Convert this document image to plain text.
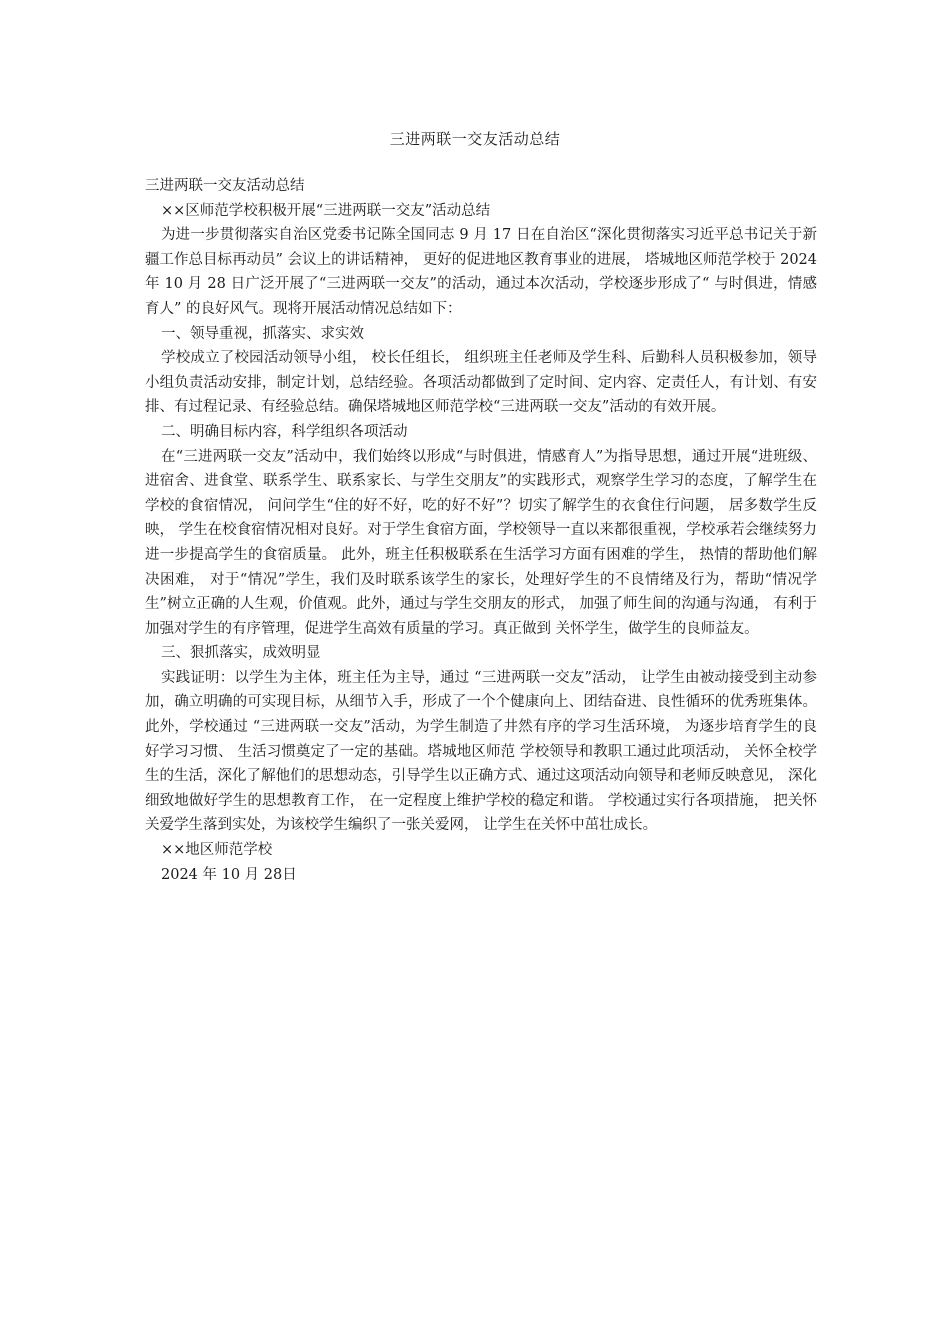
三进两联一交友活动总结

三进两联一交友活动总结

××区师范学校积极开展“三进两联一交友”活动总结

为进一步贯彻落实自治区党委书记陈全国同志 9 月 17 日在自治区“深化贯彻落实习近平总书记关于新疆工作总目标再动员” 会议上的讲话精神， 更好的促进地区教育事业的进展， 塔城地区师范学校于 2024 年 10 月 28 日广泛开展了“三进两联一交友”的活动，通过本次活动，学校逐步形成了“ 与时俱进，情感育人” 的良好风气。现将开展活动情况总结如下：

一、领导重视，抓落实、求实效

学校成立了校园活动领导小组， 校长任组长， 组织班主任老师及学生科、后勤科人员积极参加，领导小组负责活动安排，制定计划，总结经验。各项活动都做到了定时间、定内容、定责任人，有计划、有安排、有过程记录、有经验总结。确保塔城地区师范学校“三进两联一交友”活动的有效开展。

二、明确目标内容，科学组织各项活动

在“三进两联一交友”活动中，我们始终以形成“与时俱进，情感育人”为指导思想，通过开展“进班级、进宿舍、进食堂、联系学生、联系家长、与学生交朋友”的实践形式，观察学生学习的态度，了解学生在学校的食宿情况， 问问学生“住的好不好，吃的好不好”？切实了解学生的衣食住行问题， 居多数学生反映， 学生在校食宿情况相对良好。对于学生食宿方面，学校领导一直以来都很重视，学校承若会继续努力进一步提高学生的食宿质量。 此外，班主任积极联系在生活学习方面有困难的学生， 热情的帮助他们解决困难， 对于“情况”学生，我们及时联系该学生的家长，处理好学生的不良情绪及行为，帮助“情况学生”树立正确的人生观，价值观。此外，通过与学生交朋友的形式， 加强了师生间的沟通与沟通， 有利于加强对学生的有序管理，促进学生高效有质量的学习。真正做到 关怀学生，做学生的良师益友。

三、狠抓落实，成效明显

实践证明：以学生为主体，班主任为主导，通过 “三进两联一交友”活动， 让学生由被动接受到主动参加，确立明确的可实现目标，从细节入手，形成了一个个健康向上、团结奋进、良性循环的优秀班集体。此外，学校通过 “三进两联一交友”活动，为学生制造了井然有序的学习生活环境， 为逐步培育学生的良好学习习惯、 生活习惯奠定了一定的基础。塔城地区师范 学校领导和教职工通过此项活动， 关怀全校学生的生活，深化了解他们的思想动态，引导学生以正确方式、通过这项活动向领导和老师反映意见， 深化细致地做好学生的思想教育工作， 在一定程度上维护学校的稳定和谐。 学校通过实行各项措施， 把关怀关爱学生落到实处，为该校学生编织了一张关爱网， 让学生在关怀中茁壮成长。

××地区师范学校

2024 年 10 月 28日
